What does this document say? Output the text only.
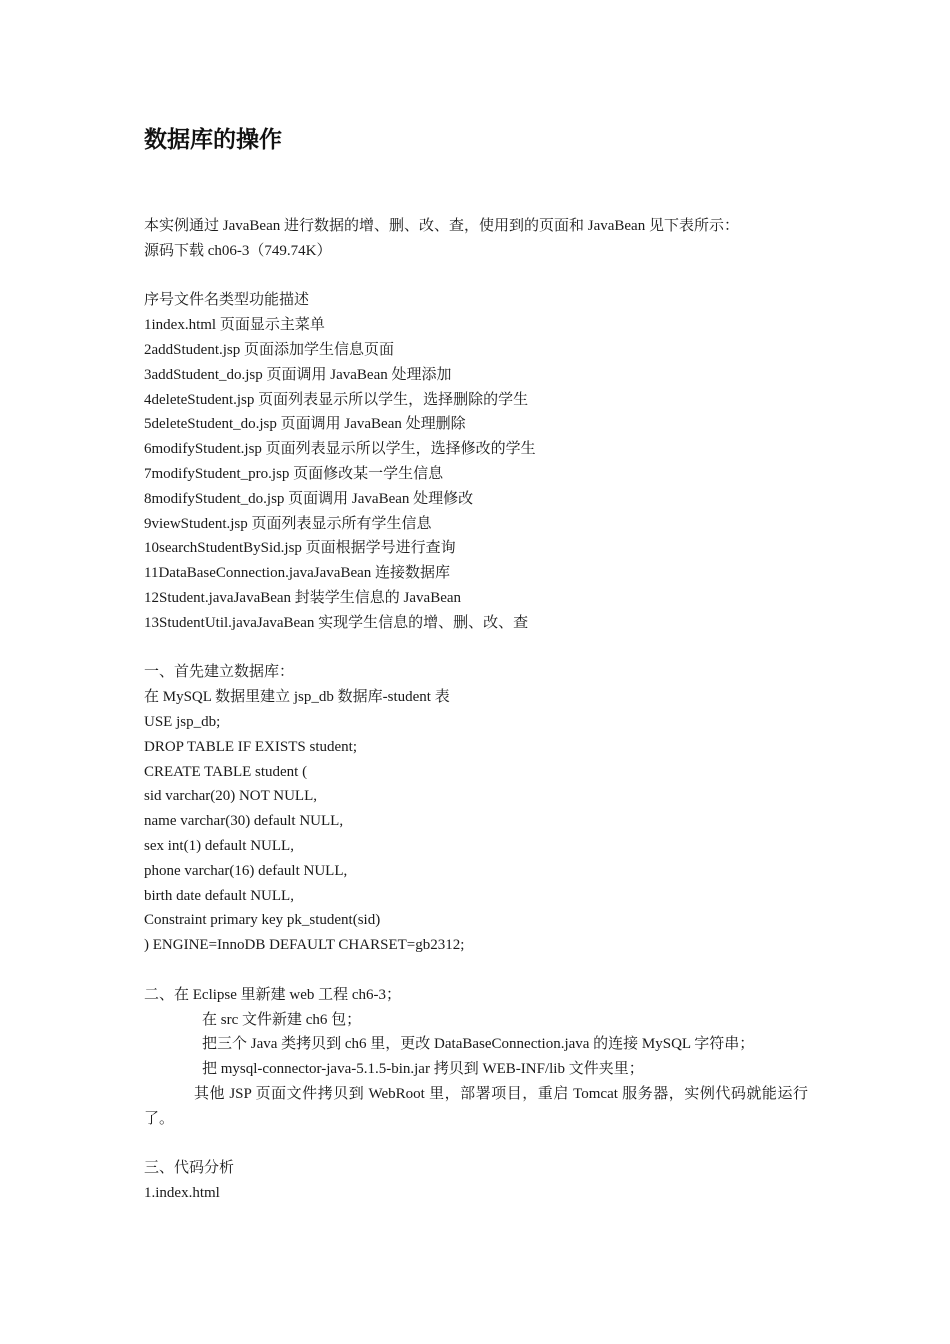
数据库的操作
本实例通过 JavaBean 进行数据的增、删、改、查，使用到的页面和 JavaBean 见下表所示：
源码下载 ch06-3（749.74K）
序号文件名类型功能描述
1index.html 页面显示主菜单
2addStudent.jsp 页面添加学生信息页面
3addStudent_do.jsp 页面调用 JavaBean 处理添加
4deleteStudent.jsp 页面列表显示所以学生，选择删除的学生
5deleteStudent_do.jsp 页面调用 JavaBean 处理删除
6modifyStudent.jsp 页面列表显示所以学生，选择修改的学生
7modifyStudent_pro.jsp 页面修改某一学生信息
8modifyStudent_do.jsp 页面调用 JavaBean 处理修改
9viewStudent.jsp 页面列表显示所有学生信息
10searchStudentBySid.jsp 页面根据学号进行查询
11DataBaseConnection.javaJavaBean 连接数据库
12Student.javaJavaBean 封装学生信息的 JavaBean
13StudentUtil.javaJavaBean 实现学生信息的增、删、改、查
一、首先建立数据库：
在 MySQL 数据里建立 jsp_db 数据库-student 表
USE jsp_db;
DROP TABLE IF EXISTS student;
CREATE TABLE student (
sid varchar(20) NOT NULL,
name varchar(30) default NULL,
sex int(1) default NULL,
phone varchar(16) default NULL,
birth date default NULL,
Constraint primary key pk_student(sid)
) ENGINE=InnoDB DEFAULT CHARSET=gb2312;
二、在 Eclipse 里新建 web 工程 ch6-3；
在 src 文件新建 ch6 包；
把三个 Java 类拷贝到 ch6 里，更改 DataBaseConnection.java 的连接 MySQL 字符串；
把 mysql-connector-java-5.1.5-bin.jar 拷贝到 WEB-INF/lib 文件夹里；
其他 JSP 页面文件拷贝到 WebRoot 里，部署项目，重启 Tomcat 服务器，实例代码就能运行了。
三、代码分析
1.index.html
